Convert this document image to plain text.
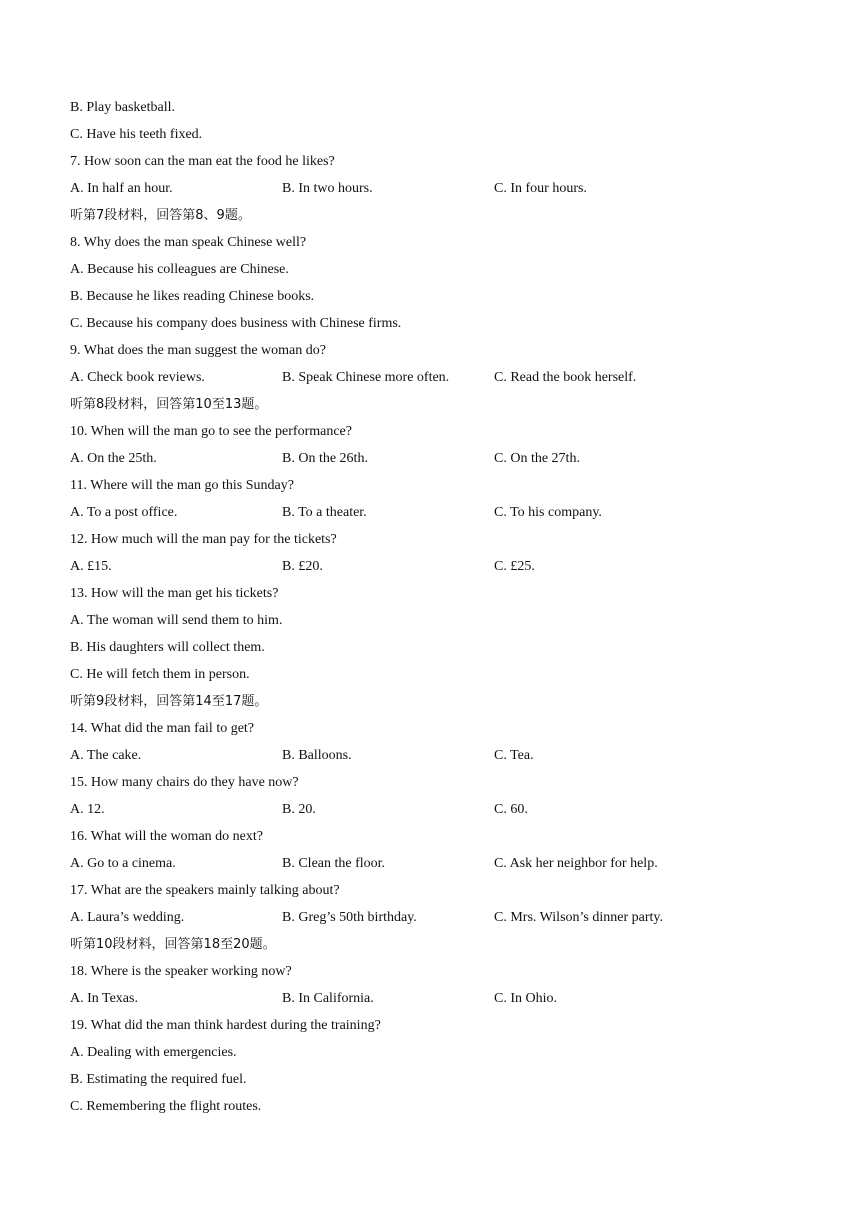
B. Play basketball.
C. Have his teeth fixed.
7. How soon can the man eat the food he likes?
A. In half an hour.	B. In two hours.	C. In four hours.
听第7段材料，回答第8、9题。
8. Why does the man speak Chinese well?
A. Because his colleagues are Chinese.
B. Because he likes reading Chinese books.
C. Because his company does business with Chinese firms.
9. What does the man suggest the woman do?
A. Check book reviews.	B. Speak Chinese more often.	C. Read the book herself.
听第8段材料，回答第10至13题。
10. When will the man go to see the performance?
A. On the 25th.	B. On the 26th.	C. On the 27th.
11. Where will the man go this Sunday?
A. To a post office.	B. To a theater.	C. To his company.
12. How much will the man pay for the tickets?
A. £15.	B. £20.	C. £25.
13. How will the man get his tickets?
A. The woman will send them to him.
B. His daughters will collect them.
C. He will fetch them in person.
听第9段材料，回答第14至17题。
14. What did the man fail to get?
A. The cake.	B. Balloons.	C. Tea.
15. How many chairs do they have now?
A. 12.	B. 20.	C. 60.
16. What will the woman do next?
A. Go to a cinema.	B. Clean the floor.	C. Ask her neighbor for help.
17. What are the speakers mainly talking about?
A. Laura’s wedding.	B. Greg’s 50th birthday.	C. Mrs. Wilson’s dinner party.
听第10段材料，回答第18至20题。
18. Where is the speaker working now?
A. In Texas.	B. In California.	C. In Ohio.
19. What did the man think hardest during the training?
A. Dealing with emergencies.
B. Estimating the required fuel.
C. Remembering the flight routes.
